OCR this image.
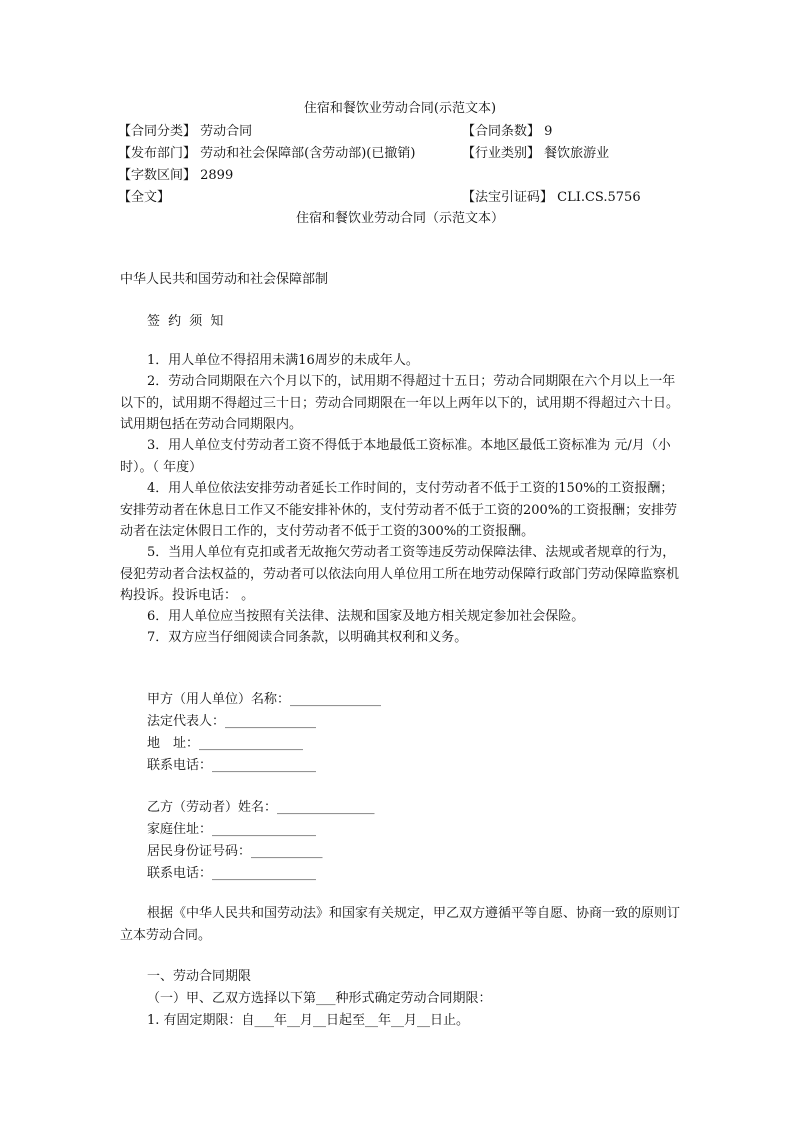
住宿和餐饮业劳动合同(示范文本)
【合同分类】 劳动合同	【合同条数】 9
【发布部门】 劳动和社会保障部(含劳动部)(已撤销)	【行业类别】 餐饮旅游业
【字数区间】 2899
【全文】	【法宝引证码】 CLI.CS.5756
住宿和餐饮业劳动合同（示范文本）
中华人民共和国劳动和社会保障部制
签 约 须 知
1．用人单位不得招用未满16周岁的未成年人。
2．劳动合同期限在六个月以下的，试用期不得超过十五日；劳动合同期限在六个月以上一年以下的，试用期不得超过三十日；劳动合同期限在一年以上两年以下的，试用期不得超过六十日。试用期包括在劳动合同期限内。
3．用人单位支付劳动者工资不得低于本地最低工资标准。本地区最低工资标准为 元/月（小时）。（ 年度）
4．用人单位依法安排劳动者延长工作时间的，支付劳动者不低于工资的150%的工资报酬；安排劳动者在休息日工作又不能安排补休的，支付劳动者不低于工资的200%的工资报酬；安排劳动者在法定休假日工作的，支付劳动者不低于工资的300%的工资报酬。
5．当用人单位有克扣或者无故拖欠劳动者工资等违反劳动保障法律、法规或者规章的行为，侵犯劳动者合法权益的，劳动者可以依法向用人单位用工所在地劳动保障行政部门劳动保障监察机构投诉。投诉电话： 。
6．用人单位应当按照有关法律、法规和国家及地方相关规定参加社会保险。
7．双方应当仔细阅读合同条款，以明确其权利和义务。
甲方（用人单位）名称：______________
法定代表人：______________
地　址：________________
联系电话：________________
乙方（劳动者）姓名：_______________
家庭住址：________________
居民身份证号码：___________
联系电话：________________
根据《中华人民共和国劳动法》和国家有关规定，甲乙双方遵循平等自愿、协商一致的原则订立本劳动合同。
一、劳动合同期限
（一）甲、乙双方选择以下第___种形式确定劳动合同期限：
1. 有固定期限：自___年__月__日起至__年__月__日止。
